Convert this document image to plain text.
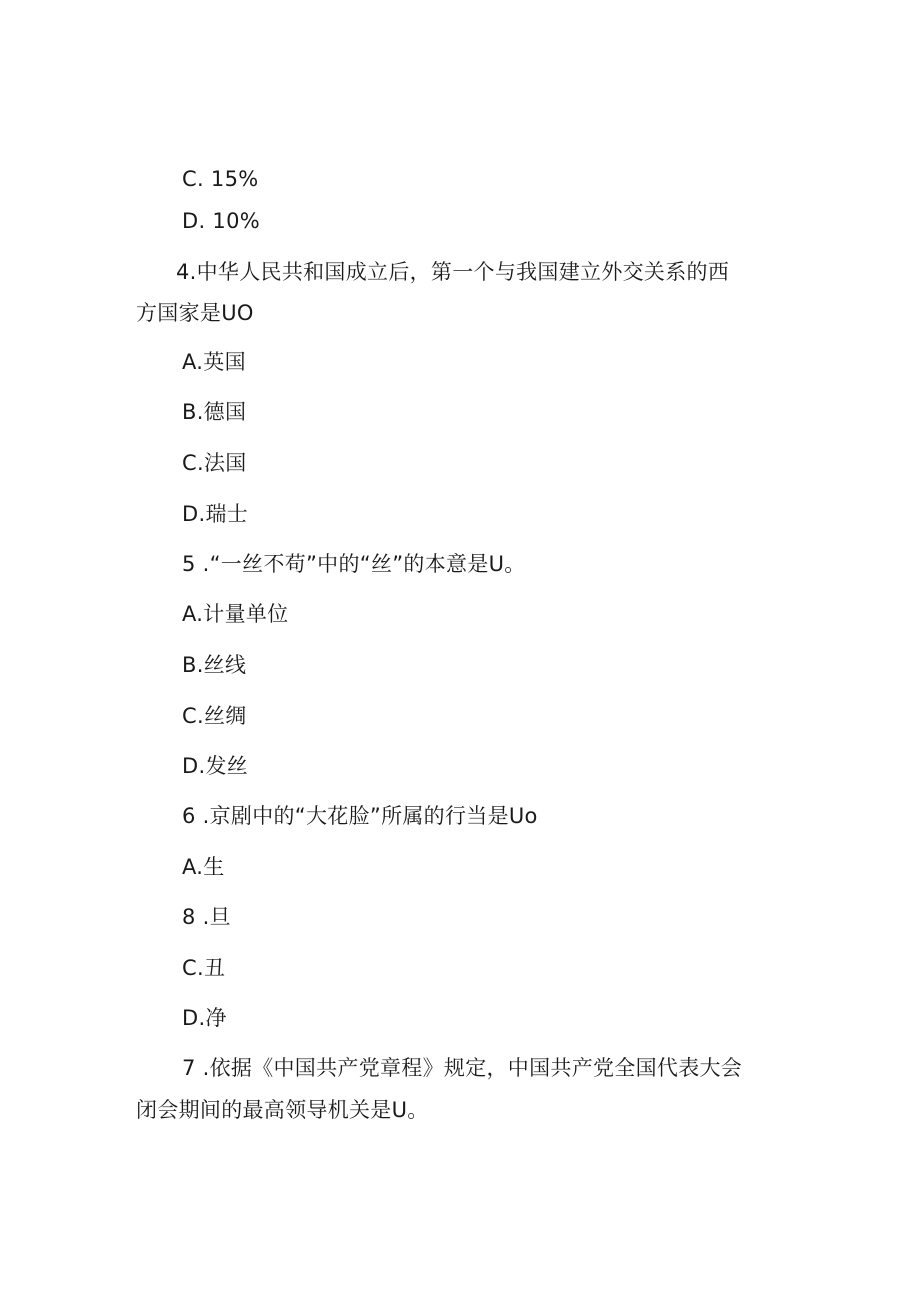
C. 15%
D. 10%
4.中华人民共和国成立后，第一个与我国建立外交关系的西
方国家是UO
A.英国
B.德国
C.法国
D.瑞士
5 .“一丝不苟”中的“丝”的本意是U。
A.计量单位
B.丝线
C.丝绸
D.发丝
6 .京剧中的“大花脸”所属的行当是Uo
A.生
8 .旦
C.丑
D.净
7 .依据《中国共产党章程》规定，中国共产党全国代表大会
闭会期间的最高领导机关是U。
